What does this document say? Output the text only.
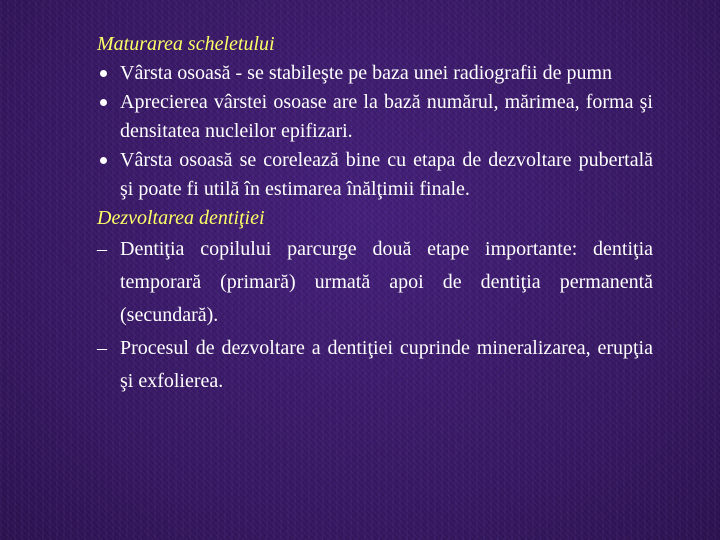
Maturarea scheletului
Vârsta osoasă - se stabileşte pe baza unei radiografii de pumn
Aprecierea vârstei osoase are la bază numărul, mărimea, forma şi densitatea nucleilor epifizari.
Vârsta osoasă se corelează bine cu etapa de dezvoltare pubertală şi poate fi utilă în estimarea înălţimii finale.
Dezvoltarea dentiţiei
– Dentiţia copilului parcurge două etape importante: dentiţia temporară (primară) urmată apoi de dentiţia permanentă (secundară).
– Procesul de dezvoltare a dentiţiei cuprinde mineralizarea, erupţia şi exfolierea.
